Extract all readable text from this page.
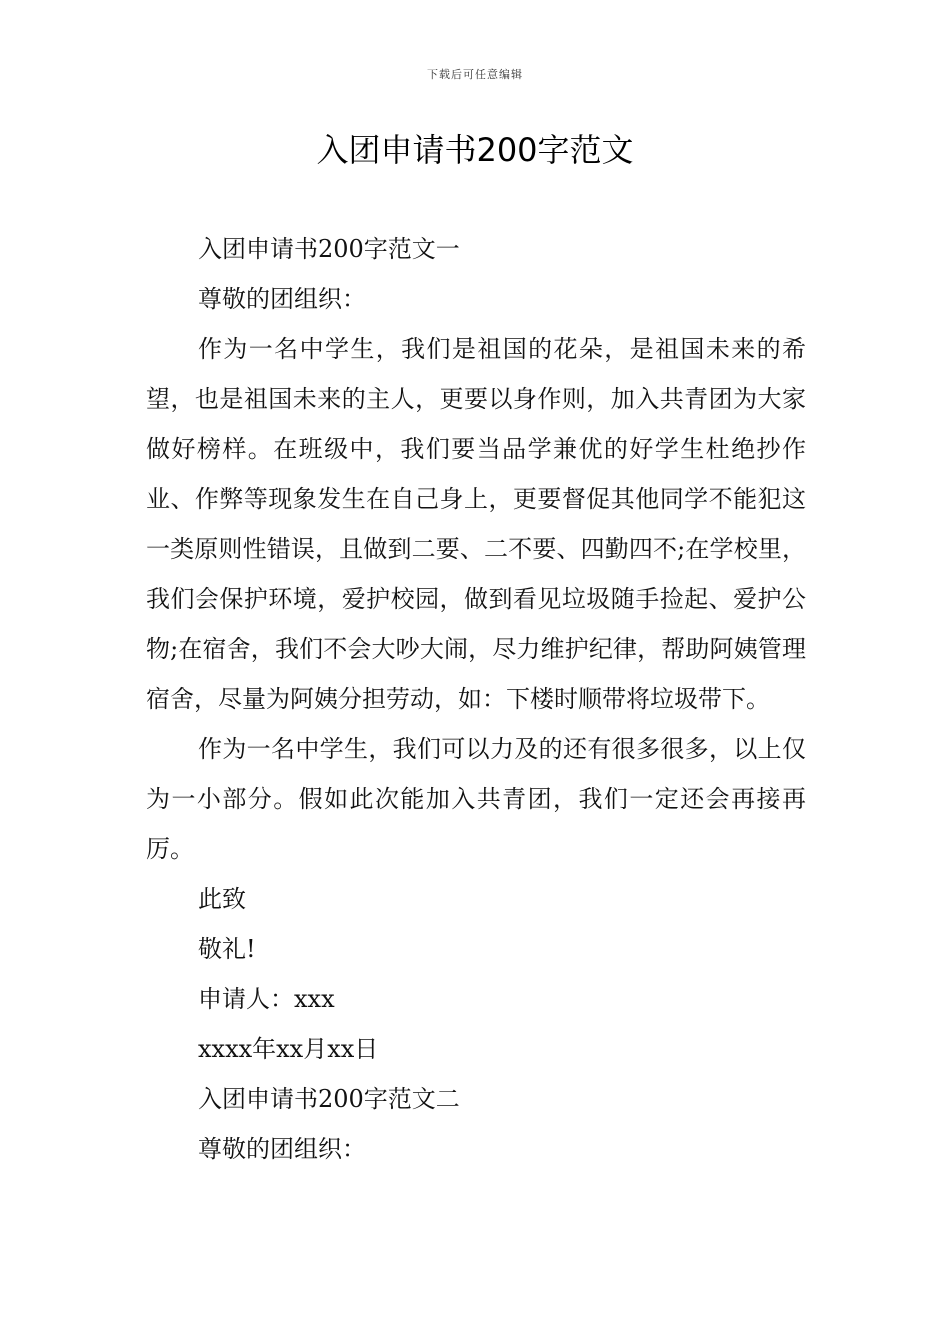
下载后可任意编辑
入团申请书200字范文

入团申请书200字范文一

尊敬的团组织：

作为一名中学生，我们是祖国的花朵，是祖国未来的希望，也是祖国未来的主人，更要以身作则，加入共青团为大家做好榜样。在班级中，我们要当品学兼优的好学生杜绝抄作业、作弊等现象发生在自己身上，更要督促其他同学不能犯这一类原则性错误，且做到二要、二不要、四勤四不;在学校里，我们会保护环境，爱护校园，做到看见垃圾随手捡起、爱护公物;在宿舍，我们不会大吵大闹，尽力维护纪律，帮助阿姨管理宿舍，尽量为阿姨分担劳动，如：下楼时顺带将垃圾带下。

作为一名中学生，我们可以力及的还有很多很多，以上仅为一小部分。假如此次能加入共青团，我们一定还会再接再厉。

此致

敬礼!

申请人：xxx

xxxx年xx月xx日

入团申请书200字范文二

尊敬的团组织：
